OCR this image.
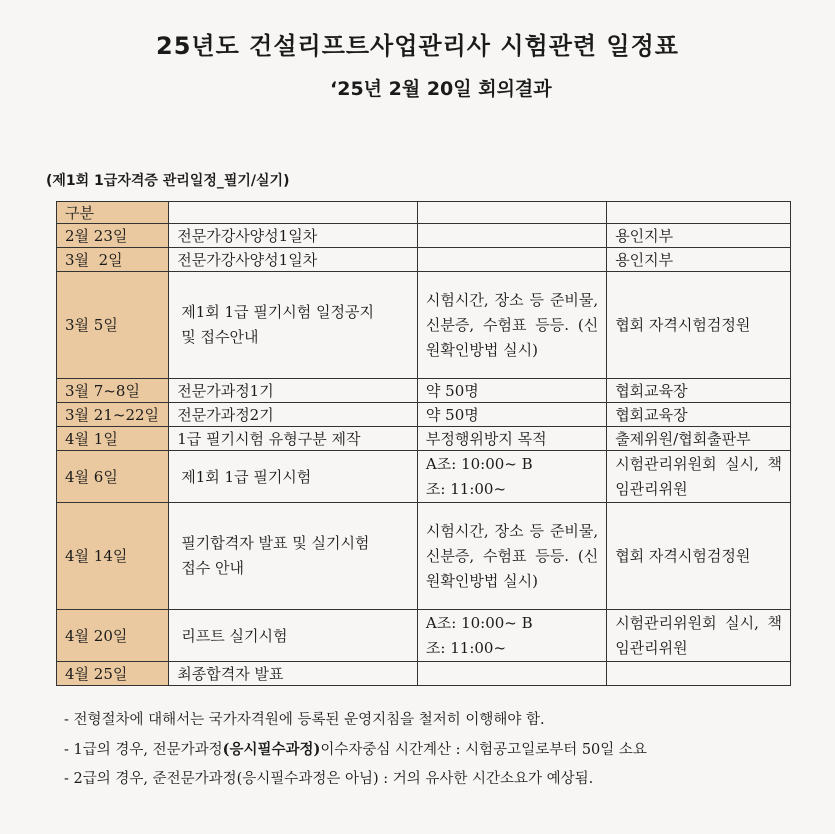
25년도 건설리프트사업관리사 시험관련 일정표
‘25년 2월 20일 회의결과
(제1회 1급자격증 관리일정_필기/실기)
구분			
2월 23일	전문가강사양성1일차		용인지부
3월  2일	전문가강사양성1일차		용인지부
3월 5일	제1회 1급 필기시험 일정공지 및 접수안내	시험시간, 장소 등 준비물, 신분증, 수험표 등등. (신원확인방법 실시)	협회 자격시험검정원
3월 7~8일	전문가과정1기	약 50명	협회교육장
3월 21~22일	전문가과정2기	약 50명	협회교육장
4월 1일	1급 필기시험 유형구분 제작	부정행위방지 목적	출제위원/협회출판부
4월 6일	제1회 1급 필기시험	A조: 10:00~ B조: 11:00~	시험관리위원회 실시, 책임관리위원
4월 14일	필기합격자 발표 및 실기시험 접수 안내	시험시간, 장소 등 준비물, 신분증, 수험표 등등. (신원확인방법 실시)	협회 자격시험검정원
4월 20일	리프트 실기시험	A조: 10:00~ B조: 11:00~	시험관리위원회 실시, 책임관리위원
4월 25일	최종합격자 발표		
- 전형절차에 대해서는 국가자격원에 등록된 운영지침을 철저히 이행해야 함.
- 1급의 경우, 전문가과정(응시필수과정)이수자중심 시간계산 : 시험공고일로부터 50일 소요
- 2급의 경우, 준전문가과정(응시필수과정은 아님) : 거의 유사한 시간소요가 예상됨.
